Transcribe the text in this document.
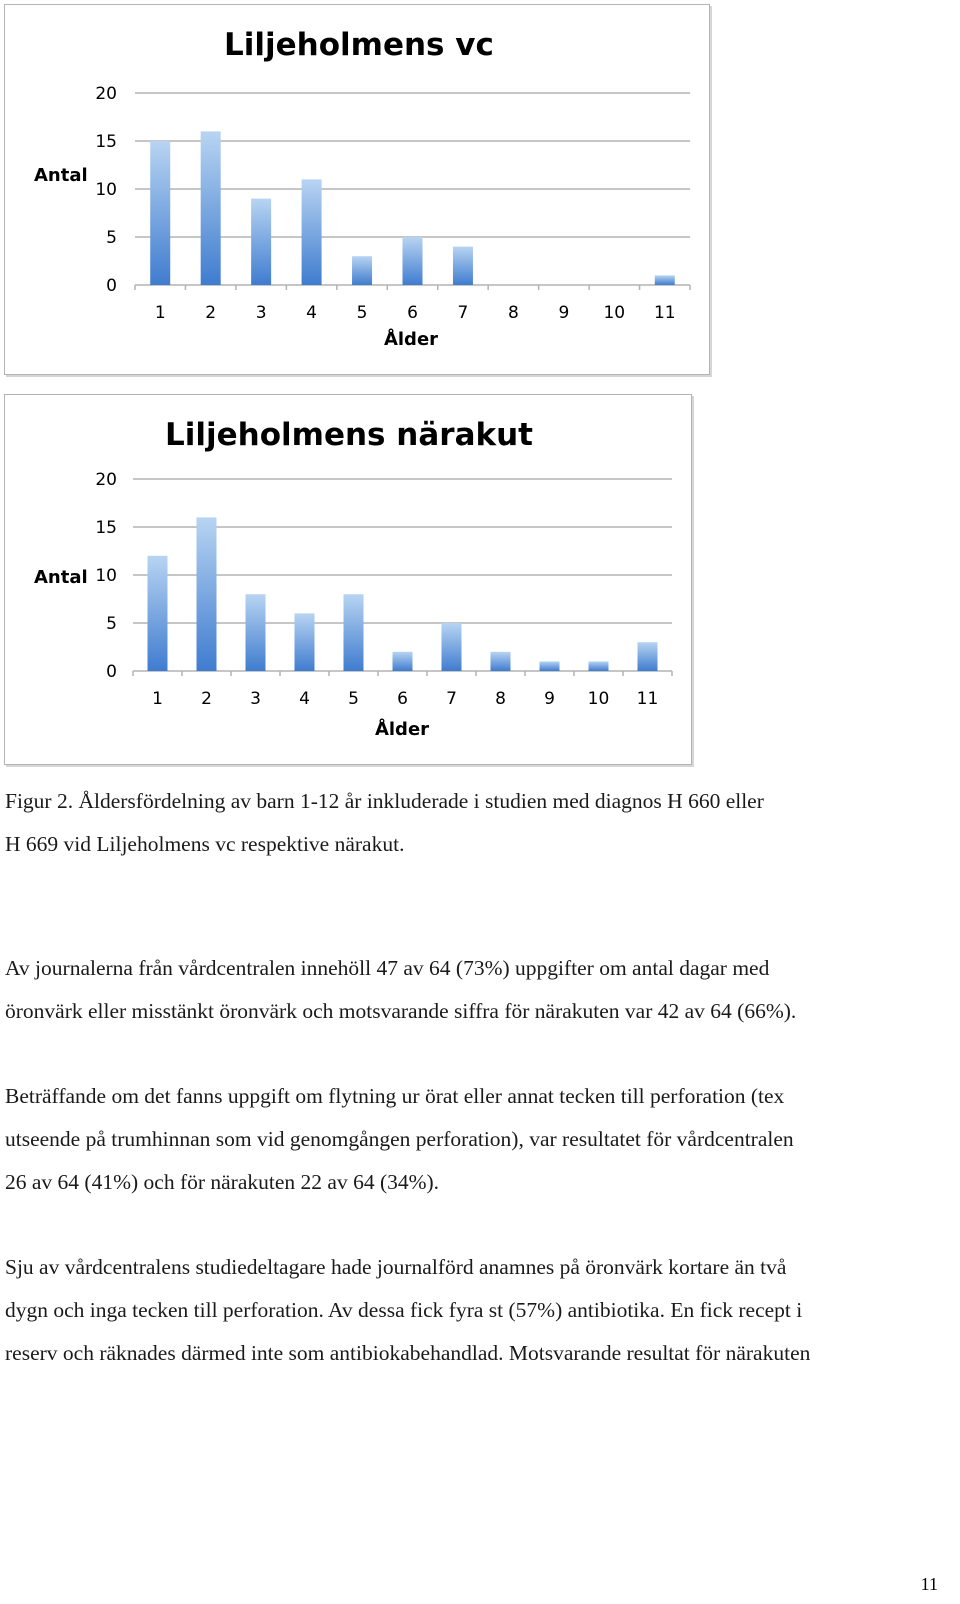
Liljeholmens vc
Antal
0
5
10
15
20
1 2 3 4 5 6 7 8 9 10 11
Ålder
Liljeholmens närakut
Antal
0
5
10
15
20
1 2 3 4 5 6 7 8 9 10 11
Ålder
Figur 2. Åldersfördelning av barn 1-12 år inkluderade i studien med diagnos H 660 eller
H 669 vid Liljeholmens vc respektive närakut.
Av journalerna från vårdcentralen innehöll 47 av 64 (73%) uppgifter om antal dagar med
öronvärk eller misstänkt öronvärk och motsvarande siffra för närakuten var 42 av 64 (66%).
Beträffande om det fanns uppgift om flytning ur örat eller annat tecken till perforation (tex
utseende på trumhinnan som vid genomgången perforation), var resultatet för vårdcentralen
26 av 64 (41%) och för närakuten 22 av 64 (34%).
Sju av vårdcentralens studiedeltagare hade journalförd anamnes på öronvärk kortare än två
dygn och inga tecken till perforation. Av dessa fick fyra st (57%) antibiotika. En fick recept i
reserv och räknades därmed inte som antibiokabehandlad. Motsvarande resultat för närakuten
11
